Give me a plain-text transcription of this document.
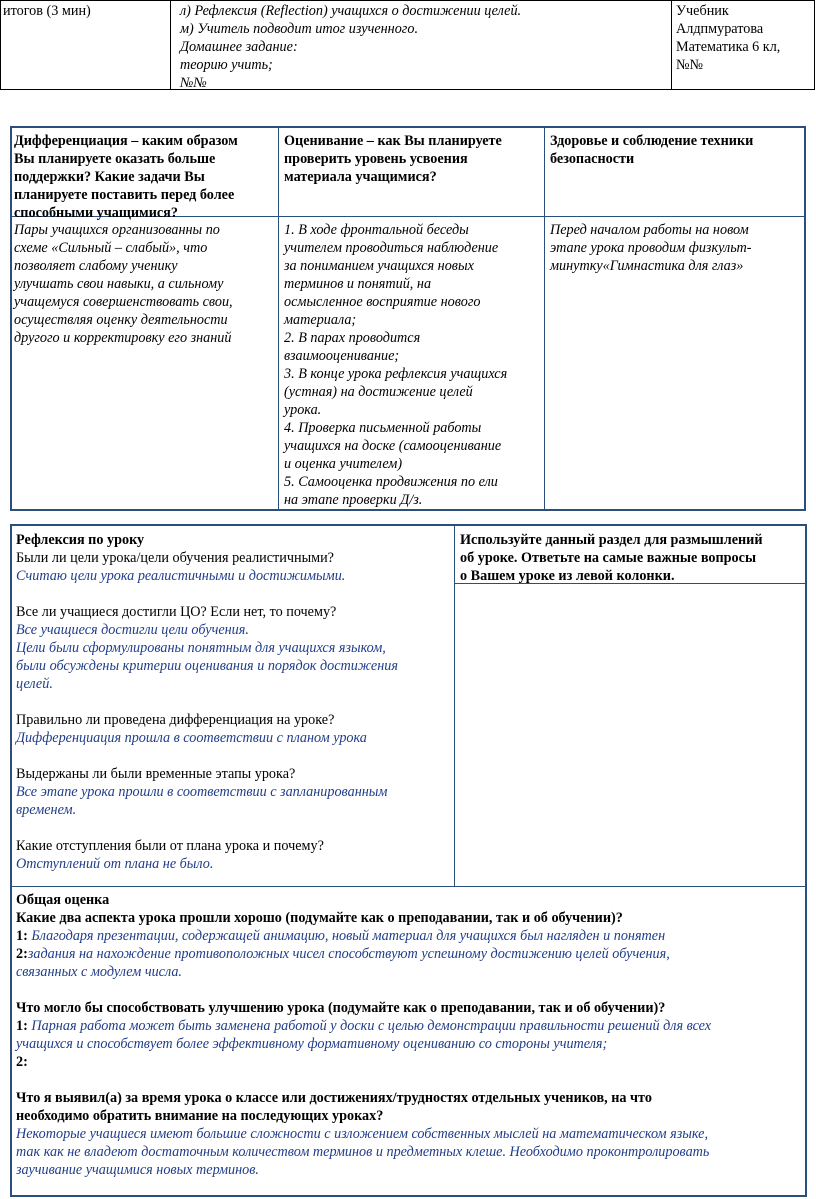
итогов (3 мин)	л) Рефлексия (Reflection) учащихся о достижении целей.
м) Учитель подводит итог изученного.
Домашнее задание:
теорию учить;
№№
Учебник
Алдпмуратова
Математика 6 кл,
№№
Дифференциация – каким образом
Вы планируете оказать больше
поддержки? Какие задачи Вы
планируете поставить перед более
способными учащимися?
Оценивание – как Вы планируете
проверить уровень усвоения
материала учащимися?
Здоровье и соблюдение техники
безопасности
Пары учащихся организованны по
схеме «Сильный – слабый», что
позволяет слабому ученику
улучшать свои навыки, а сильному
учащемуся совершенствовать свои,
осуществляя оценку деятельности
другого и корректировку его знаний
1. В ходе фронтальной беседы
учителем проводиться наблюдение
за пониманием учащихся новых
терминов и понятий, на
осмысленное восприятие нового
материала;
2. В парах проводится
взаимооценивание;
3. В конце урока рефлексия учащихся
(устная) на достижение целей
урока.
4. Проверка письменной работы
учащихся на доске (самооценивание
и оценка учителем)
5. Самооценка продвижения по ели
на этапе проверки Д/з.
Перед началом работы на новом
этапе урока проводим физкульт-
минутку«Гимнастика для глаз»
Рефлексия по уроку
Были ли цели урока/цели обучения реалистичными?
Считаю цели урока реалистичными и достижимыми.
Все ли учащиеся достигли ЦО? Если нет, то почему?
Все учащиеся достигли цели обучения.
Цели были сформулированы понятным для учащихся языком,
были обсуждены критерии оценивания и порядок достижения
целей.
Правильно ли проведена дифференциация на уроке?
Дифференциация прошла в соответствии с планом урока
Выдержаны ли были временные этапы урока?
Все этапе урока прошли в соответствии с запланированным
временем.
Какие отступления были от плана урока и почему?
Отступлений от плана не было.
Используйте данный раздел для размышлений
об уроке. Ответьте на самые важные вопросы
о Вашем уроке из левой колонки.
Общая оценка
Какие два аспекта урока прошли хорошо (подумайте как о преподавании, так и об обучении)?
1: Благодаря презентации, содержащей анимацию, новый материал для учащихся был нагляден и понятен
2:задания на нахождение противоположных чисел способствуют успешному достижению целей обучения,
связанных с модулем числа.
Что могло бы способствовать улучшению урока (подумайте как о преподавании, так и об обучении)?
1: Парная работа может быть заменена работой у доски с целью демонстрации правильности решений для всех
учащихся и способствует более эффективному формативному оцениванию со стороны учителя;
2:
Что я выявил(а) за время урока о классе или достижениях/трудностях отдельных учеников, на что
необходимо обратить внимание на последующих уроках?
Некоторые учащиеся имеют большие сложности с изложением собственных мыслей на математическом языке,
так как не владеют достаточным количеством терминов и предметных клеше. Необходимо проконтролировать
заучивание учащимися новых терминов.
